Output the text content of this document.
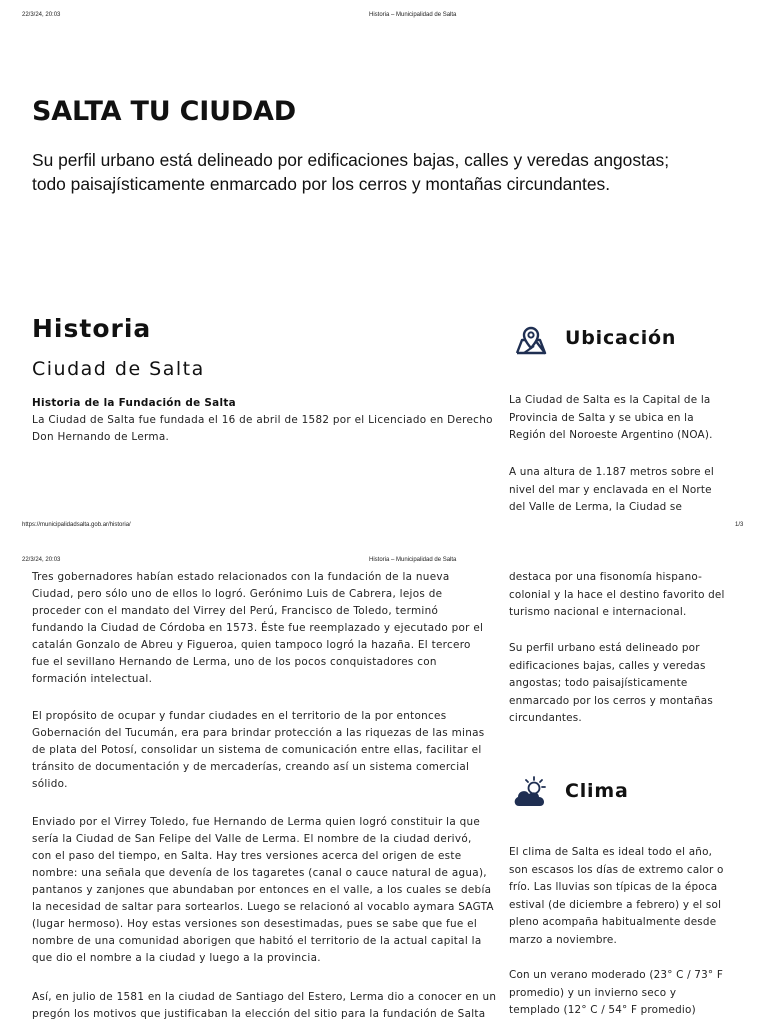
22/3/24, 20:03	Historia – Municipalidad de Salta
SALTA TU CIUDAD
Su perfil urbano está delineado por edificaciones bajas, calles y veredas angostas;
todo paisajísticamente enmarcado por los cerros y montañas circundantes.
Historia
Ciudad de Salta
Historia de la Fundación de Salta
La Ciudad de Salta fue fundada el 16 de abril de 1582 por el Licenciado en Derecho
Don Hernando de Lerma.
Ubicación
La Ciudad de Salta es la Capital de la
Provincia de Salta y se ubica en la
Región del Noroeste Argentino (NOA).
A una altura de 1.187 metros sobre el
nivel del mar y enclavada en el Norte
del Valle de Lerma, la Ciudad se
https://municipalidadsalta.gob.ar/historia/	1/3
22/3/24, 20:03	Historia – Municipalidad de Salta
Tres gobernadores habían estado relacionados con la fundación de la nueva
Ciudad, pero sólo uno de ellos lo logró. Gerónimo Luis de Cabrera, lejos de
proceder con el mandato del Virrey del Perú, Francisco de Toledo, terminó
fundando la Ciudad de Córdoba en 1573. Éste fue reemplazado y ejecutado por el
catalán Gonzalo de Abreu y Figueroa, quien tampoco logró la hazaña. El tercero
fue el sevillano Hernando de Lerma, uno de los pocos conquistadores con
formación intelectual.
El propósito de ocupar y fundar ciudades en el territorio de la por entonces
Gobernación del Tucumán, era para brindar protección a las riquezas de las minas
de plata del Potosí, consolidar un sistema de comunicación entre ellas, facilitar el
tránsito de documentación y de mercaderías, creando así un sistema comercial
sólido.
Enviado por el Virrey Toledo, fue Hernando de Lerma quien logró constituir la que
sería la Ciudad de San Felipe del Valle de Lerma. El nombre de la ciudad derivó,
con el paso del tiempo, en Salta. Hay tres versiones acerca del origen de este
nombre: una señala que devenía de los tagaretes (canal o cauce natural de agua),
pantanos y zanjones que abundaban por entonces en el valle, a los cuales se debía
la necesidad de saltar para sortearlos. Luego se relacionó al vocablo aymara SAGTA
(lugar hermoso). Hoy estas versiones son desestimadas, pues se sabe que fue el
nombre de una comunidad aborigen que habitó el territorio de la actual capital la
que dio el nombre a la ciudad y luego a la provincia.
Así, en julio de 1581 en la ciudad de Santiago del Estero, Lerma dio a conocer en un
pregón los motivos que justificaban la elección del sitio para la fundación de Salta
destaca por una fisonomía hispano-
colonial y la hace el destino favorito del
turismo nacional e internacional.
Su perfil urbano está delineado por
edificaciones bajas, calles y veredas
angostas; todo paisajísticamente
enmarcado por los cerros y montañas
circundantes.
Clima
El clima de Salta es ideal todo el año,
son escasos los días de extremo calor o
frío. Las lluvias son típicas de la época
estival (de diciembre a febrero) y el sol
pleno acompaña habitualmente desde
marzo a noviembre.
Con un verano moderado (23° C / 73° F
promedio) y un invierno seco y
templado (12° C / 54° F promedio)
